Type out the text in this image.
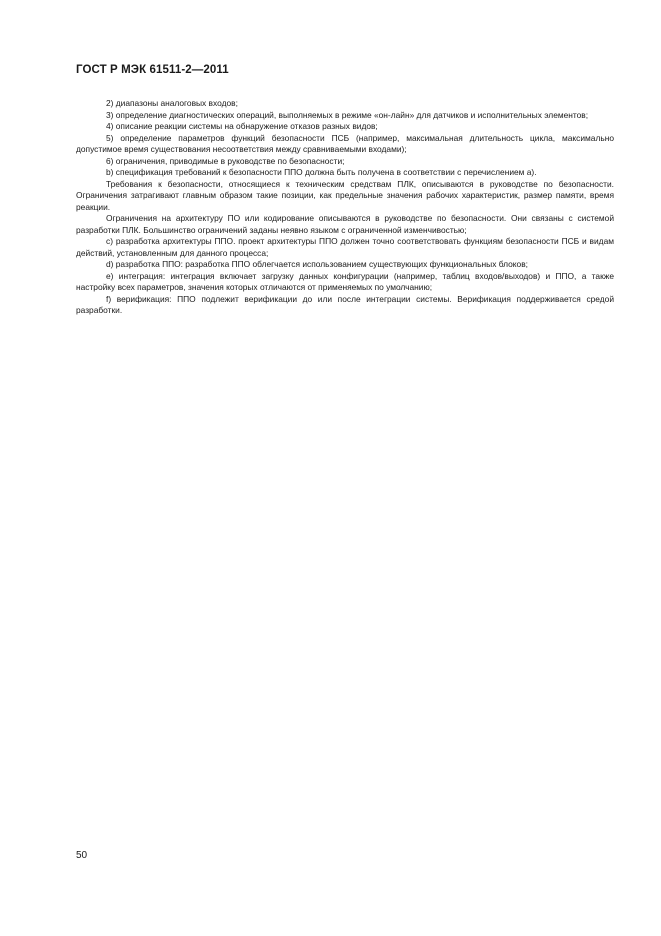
ГОСТ Р МЭК 61511-2—2011

2) диапазоны аналоговых входов;

3) определение диагностических операций, выполняемых в режиме «он-лайн» для датчиков и исполнительных элементов;

4) описание реакции системы на обнаружение отказов разных видов;

5) определение параметров функций безопасности ПСБ (например, максимальная длительность цикла, максимально допустимое время существования несоответствия между сравниваемыми входами);

6) ограничения, приводимые в руководстве по безопасности;

b) спецификация требований к безопасности ППО должна быть получена в соответствии с перечислением а).

Требования к безопасности, относящиеся к техническим средствам ПЛК, описываются в руководстве по безопасности. Ограничения затрагивают главным образом такие позиции, как предельные значения рабочих характеристик, размер памяти, время реакции.

Ограничения на архитектуру ПО или кодирование описываются в руководстве по безопасности. Они связаны с системой разработки ПЛК. Большинство ограничений заданы неявно языком с ограниченной изменчивостью;

c) разработка архитектуры ППО. проект архитектуры ППО должен точно соответствовать функциям безопасности ПСБ и видам действий, установленным для данного процесса;

d) разработка ППО: разработка ППО облегчается использованием существующих функциональных блоков;

e) интеграция: интеграция включает загрузку данных конфигурации (например, таблиц входов/выходов) и ППО, а также настройку всех параметров, значения которых отличаются от применяемых по умолчанию;

f) верификация: ППО подлежит верификации до или после интеграции системы. Верификация поддерживается средой разработки.

50
